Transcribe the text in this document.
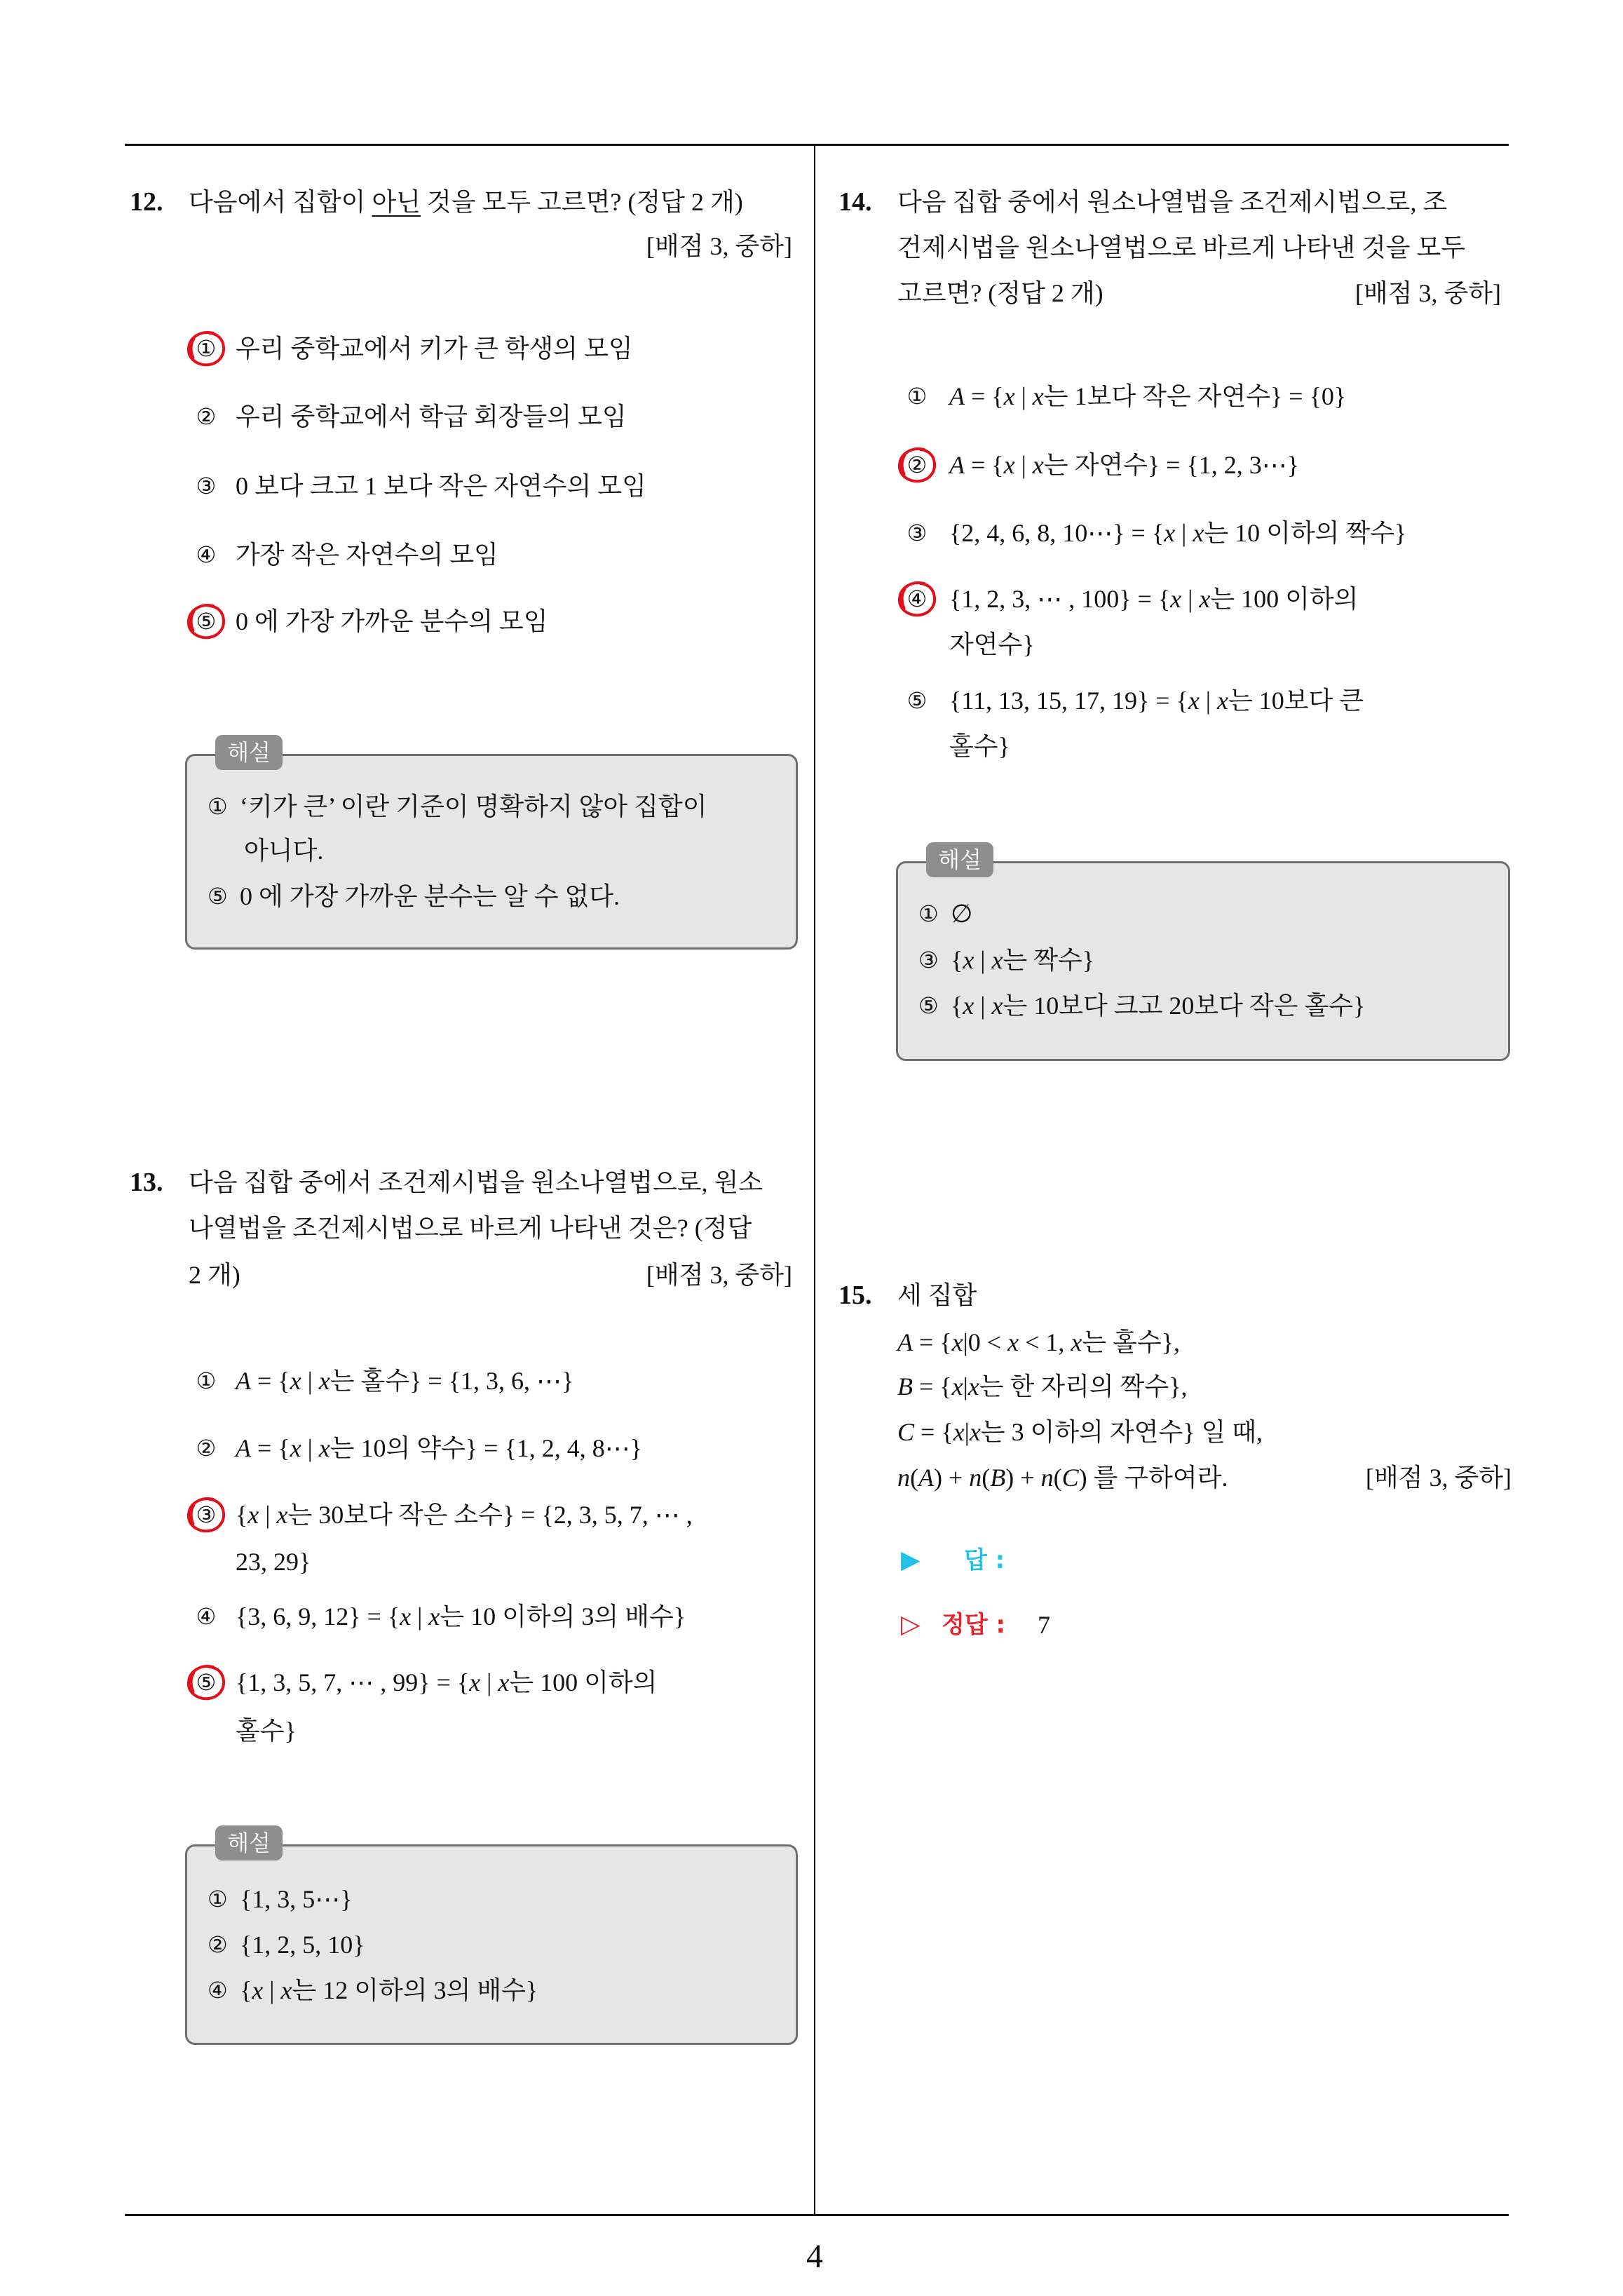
12. 다음에서 집합이 아닌 것을 모두 고르면? (정답 2 개)
[배점 3, 중하]
① 우리 중학교에서 키가 큰 학생의 모임
② 우리 중학교에서 학급 회장들의 모임
③ 0 보다 크고 1 보다 작은 자연수의 모임
④ 가장 작은 자연수의 모임
⑤ 0 에 가장 가까운 분수의 모임
해설
① ‘키가 큰’ 이란 기준이 명확하지 않아 집합이
아니다.
⑤ 0 에 가장 가까운 분수는 알 수 없다.
13. 다음 집합 중에서 조건제시법을 원소나열법으로, 원소
나열법을 조건제시법으로 바르게 나타낸 것은? (정답
2 개)	[배점 3, 중하]
① A = {x | x는 홀수} = {1, 3, 6, ⋯}
② A = {x | x는 10의 약수} = {1, 2, 4, 8⋯}
③ {x | x는 30보다 작은 소수} = {2, 3, 5, 7, ⋯ ,
23, 29}
④ {3, 6, 9, 12} = {x | x는 10 이하의 3의 배수}
⑤ {1, 3, 5, 7, ⋯ , 99} = {x | x는 100 이하의
홀수}
해설
① {1, 3, 5⋯}
② {1, 2, 5, 10}
④ {x | x는 12 이하의 3의 배수}
14. 다음 집합 중에서 원소나열법을 조건제시법으로, 조
건제시법을 원소나열법으로 바르게 나타낸 것을 모두
고르면? (정답 2 개)	[배점 3, 중하]
① A = {x | x는 1보다 작은 자연수} = {0}
② A = {x | x는 자연수} = {1, 2, 3⋯}
③ {2, 4, 6, 8, 10⋯} = {x | x는 10 이하의 짝수}
④ {1, 2, 3, ⋯ , 100} = {x | x는 100 이하의
자연수}
⑤ {11, 13, 15, 17, 19} = {x | x는 10보다 큰
홀수}
해설
① ∅
③ {x | x는 짝수}
⑤ {x | x는 10보다 크고 20보다 작은 홀수}
15. 세 집합
A = {x|0 < x < 1, x는 홀수},
B = {x|x는 한 자리의 짝수},
C = {x|x는 3 이하의 자연수} 일 때,
n(A) + n(B) + n(C) 를 구하여라.	[배점 3, 중하]
▶ 답 :
▷ 정답 : 7
4
